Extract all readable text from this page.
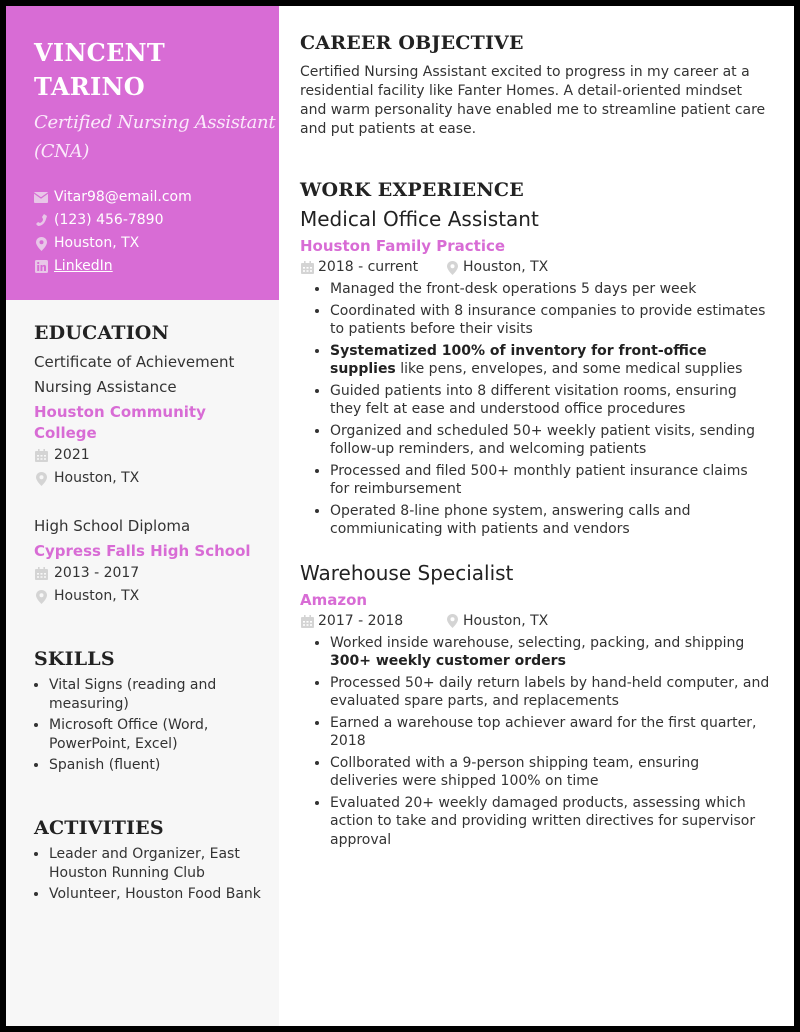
VINCENT
TARINO
Certified Nursing Assistant (CNA)
Vitar98@email.com
(123) 456-7890
Houston, TX
LinkedIn
EDUCATION
Certificate of Achievement
Nursing Assistance
Houston Community College
2021
Houston, TX
High School Diploma
Cypress Falls High School
2013 - 2017
Houston, TX
SKILLS
• Vital Signs (reading and measuring)
• Microsoft Office (Word, PowerPoint, Excel)
• Spanish (fluent)
ACTIVITIES
• Leader and Organizer, East Houston Running Club
• Volunteer, Houston Food Bank
CAREER OBJECTIVE

Certified Nursing Assistant excited to progress in my career at a residential facility like Fanter Homes. A detail-oriented mindset and warm personality have enabled me to streamline patient care and put patients at ease.

WORK EXPERIENCE
Medical Office Assistant
Houston Family Practice
2018 - current	Houston, TX
• Managed the front-desk operations 5 days per week
• Coordinated with 8 insurance companies to provide estimates to patients before their visits
• Systematized 100% of inventory for front-office supplies like pens, envelopes, and some medical supplies
• Guided patients into 8 different visitation rooms, ensuring they felt at ease and understood office procedures
• Organized and scheduled 50+ weekly patient visits, sending follow-up reminders, and welcoming patients
• Processed and filed 500+ monthly patient insurance claims for reimbursement
• Operated 8-line phone system, answering calls and commiunicating with patients and vendors
Warehouse Specialist
Amazon
2017 - 2018	Houston, TX
• Worked inside warehouse, selecting, packing, and shipping 300+ weekly customer orders
• Processed 50+ daily return labels by hand-held computer, and evaluated spare parts, and replacements
• Earned a warehouse top achiever award for the first quarter, 2018
• Collborated with a 9-person shipping team, ensuring deliveries were shipped 100% on time
• Evaluated 20+ weekly damaged products, assessing which action to take and providing written directives for supervisor approval
